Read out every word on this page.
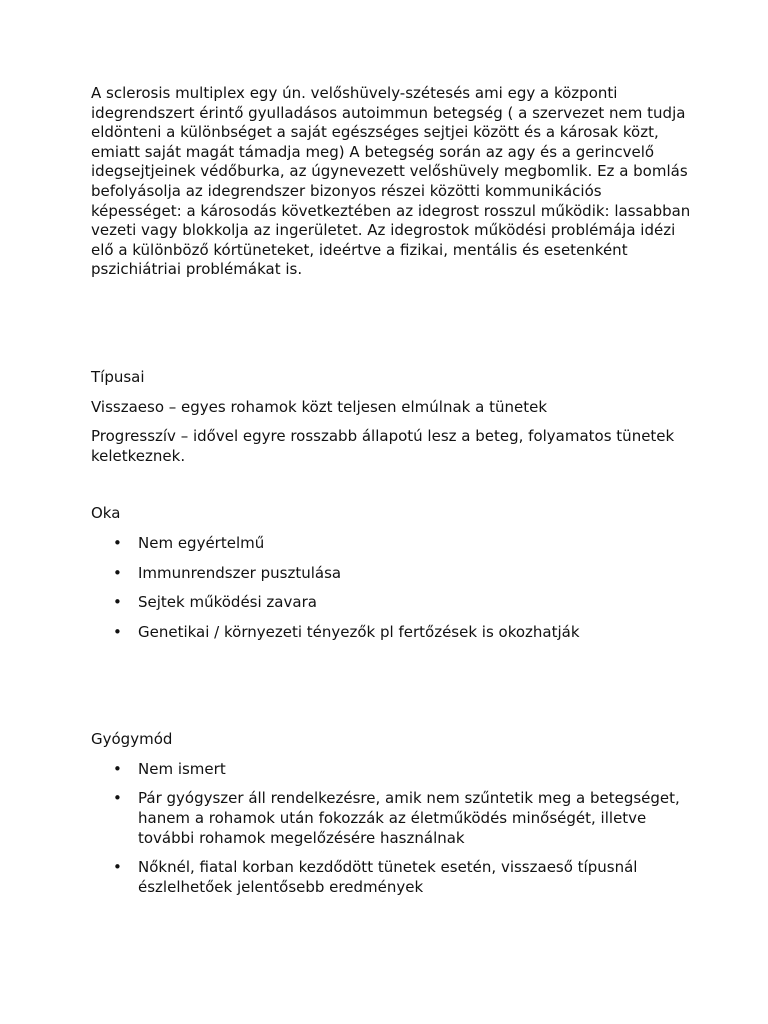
A sclerosis multiplex egy ún. velőshüvely-szétesés ami egy a központi idegrendszert érintő gyulladásos autoimmun betegség ( a szervezet nem tudja eldönteni a különbséget a saját egészséges sejtjei között és a károsak közt, emiatt saját magát támadja meg) A betegség során az agy és a gerincvelő idegsejtjeinek védőburka, az úgynevezett velőshüvely megbomlik. Ez a bomlás befolyásolja az idegrendszer bizonyos részei közötti kommunikációs képességet: a károsodás következtében az idegrost rosszul működik: lassabban vezeti vagy blokkolja az ingerületet. Az idegrostok működési problémája idézi elő a különböző kórtüneteket, ideértve a fizikai, mentális és esetenként pszichiátriai problémákat is.

Típusai

Visszaeso – egyes rohamok közt teljesen elmúlnak a tünetek

Progresszív – idővel egyre rosszabb állapotú lesz a beteg, folyamatos tünetek keletkeznek.

Oka

• Nem egyértelmű
• Immunrendszer pusztulása
• Sejtek működési zavara
• Genetikai / környezeti tényezők pl fertőzések is okozhatják

Gyógymód

• Nem ismert
• Pár gyógyszer áll rendelkezésre, amik nem szűntetik meg a betegséget, hanem a rohamok után fokozzák az életműködés minőségét, illetve további rohamok megelőzésére használnak
• Nőknél, fiatal korban kezdődött tünetek esetén, visszaeső típusnál észlelhetőek jelentősebb eredmények
